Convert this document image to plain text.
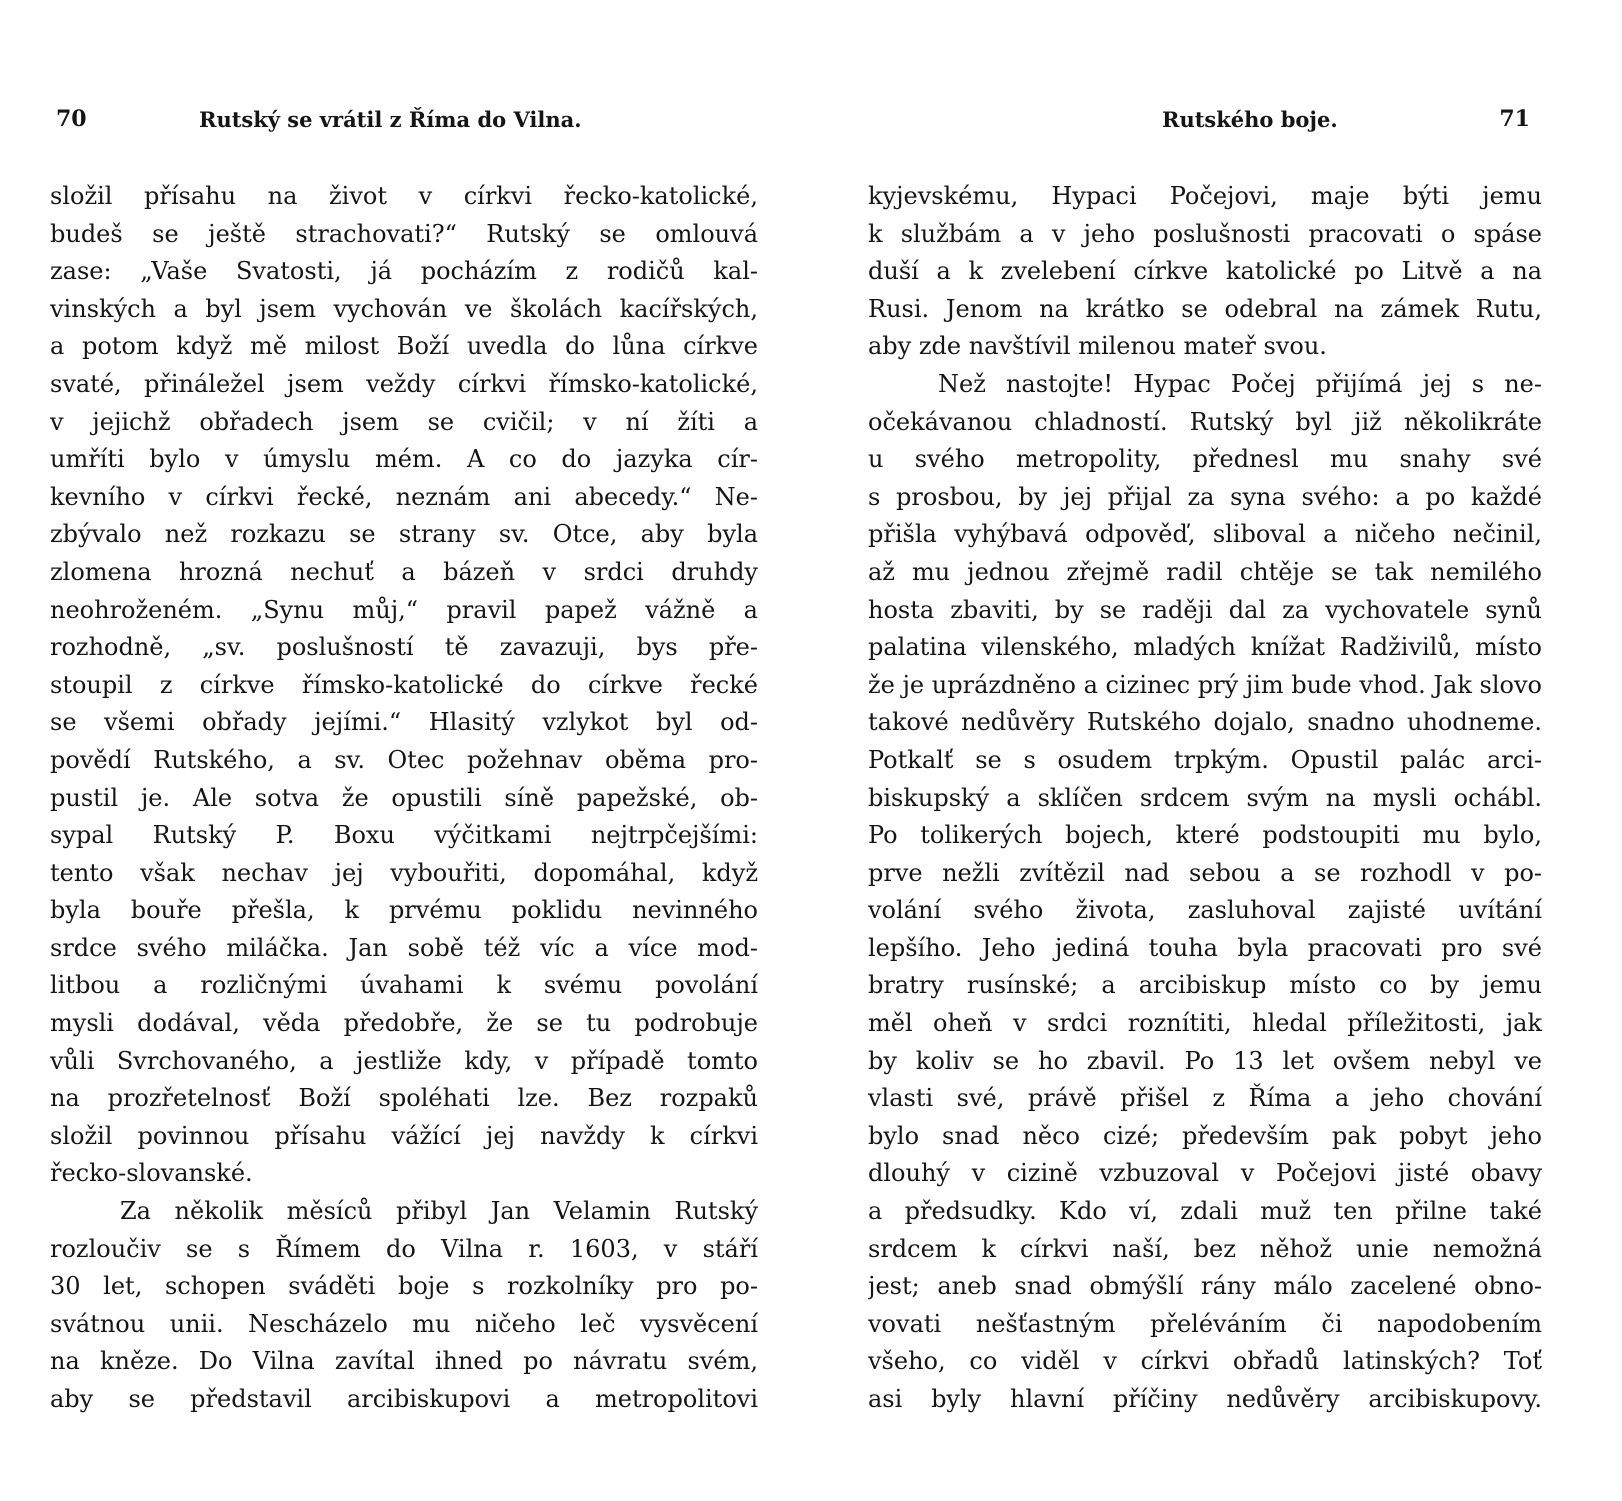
70	Rutský se vrátil z Říma do Vilna.
složil přísahu na život v církvi řecko-katolické,
budeš se ještě strachovati?“ Rutský se omlouvá
zase: „Vaše Svatosti, já pocházím z rodičů kal-
vinských a byl jsem vychován ve školách kacířských,
a potom když mě milost Boží uvedla do lůna církve
svaté, přináležel jsem veždy církvi římsko-katolické,
v jejichž obřadech jsem se cvičil; v ní žíti a
umříti bylo v úmyslu mém. A co do jazyka cír-
kevního v církvi řecké, neznám ani abecedy.“ Ne-
zbývalo než rozkazu se strany sv. Otce, aby byla
zlomena hrozná nechuť a bázeň v srdci druhdy
neohroženém. „Synu můj,“ pravil papež vážně a
rozhodně, „sv. poslušností tě zavazuji, bys pře-
stoupil z církve římsko-katolické do církve řecké
se všemi obřady jejími.“ Hlasitý vzlykot byl od-
povědí Rutského, a sv. Otec požehnav oběma pro-
pustil je. Ale sotva že opustili síně papežské, ob-
sypal Rutský P. Boxu výčitkami nejtrpčejšími:
tento však nechav jej vybouřiti, dopomáhal, když
byla bouře přešla, k prvému poklidu nevinného
srdce svého miláčka. Jan sobě též víc a více mod-
litbou a rozličnými úvahami k svému povolání
mysli dodával, věda předobře, že se tu podrobuje
vůli Svrchovaného, a jestliže kdy, v případě tomto
na prozřetelnosť Boží spoléhati lze. Bez rozpaků
složil povinnou přísahu vážící jej navždy k církvi
řecko-slovanské.
Za několik měsíců přibyl Jan Velamin Rutský
rozloučiv se s Římem do Vilna r. 1603, v stáří
30 let, schopen sváděti boje s rozkolníky pro po-
svátnou unii. Nescházelo mu ničeho leč vysvěcení
na kněze. Do Vilna zavítal ihned po návratu svém,
aby se představil arcibiskupovi a metropolitovi
Rutského boje.	71
kyjevskému, Hypaci Počejovi, maje býti jemu
k službám a v jeho poslušnosti pracovati o spáse
duší a k zvelebení církve katolické po Litvě a na
Rusi. Jenom na krátko se odebral na zámek Rutu,
aby zde navštívil milenou mateř svou.
Než nastojte! Hypac Počej přijímá jej s ne-
očekávanou chladností. Rutský byl již několikráte
u svého metropolity, přednesl mu snahy své
s prosbou, by jej přijal za syna svého: a po každé
přišla vyhýbavá odpověď, sliboval a ničeho nečinil,
až mu jednou zřejmě radil chtěje se tak nemilého
hosta zbaviti, by se raději dal za vychovatele synů
palatina vilenského, mladých knížat Radživilů, místo
že je uprázdněno a cizinec prý jim bude vhod. Jak slovo
takové nedůvěry Rutského dojalo, snadno uhodneme.
Potkalť se s osudem trpkým. Opustil palác arci-
biskupský a sklíčen srdcem svým na mysli ochábl.
Po tolikerých bojech, které podstoupiti mu bylo,
prve nežli zvítězil nad sebou a se rozhodl v po-
volání svého života, zasluhoval zajisté uvítání
lepšího. Jeho jediná touha byla pracovati pro své
bratry rusínské; a arcibiskup místo co by jemu
měl oheň v srdci roznítiti, hledal příležitosti, jak
by koliv se ho zbavil. Po 13 let ovšem nebyl ve
vlasti své, právě přišel z Říma a jeho chování
bylo snad něco cizé; především pak pobyt jeho
dlouhý v cizině vzbuzoval v Počejovi jisté obavy
a předsudky. Kdo ví, zdali muž ten přilne také
srdcem k církvi naší, bez něhož unie nemožná
jest; aneb snad obmýšlí rány málo zacelené obno-
vovati nešťastným přeléváním či napodobením
všeho, co viděl v církvi obřadů latinských? Toť
asi byly hlavní příčiny nedůvěry arcibiskupovy.
